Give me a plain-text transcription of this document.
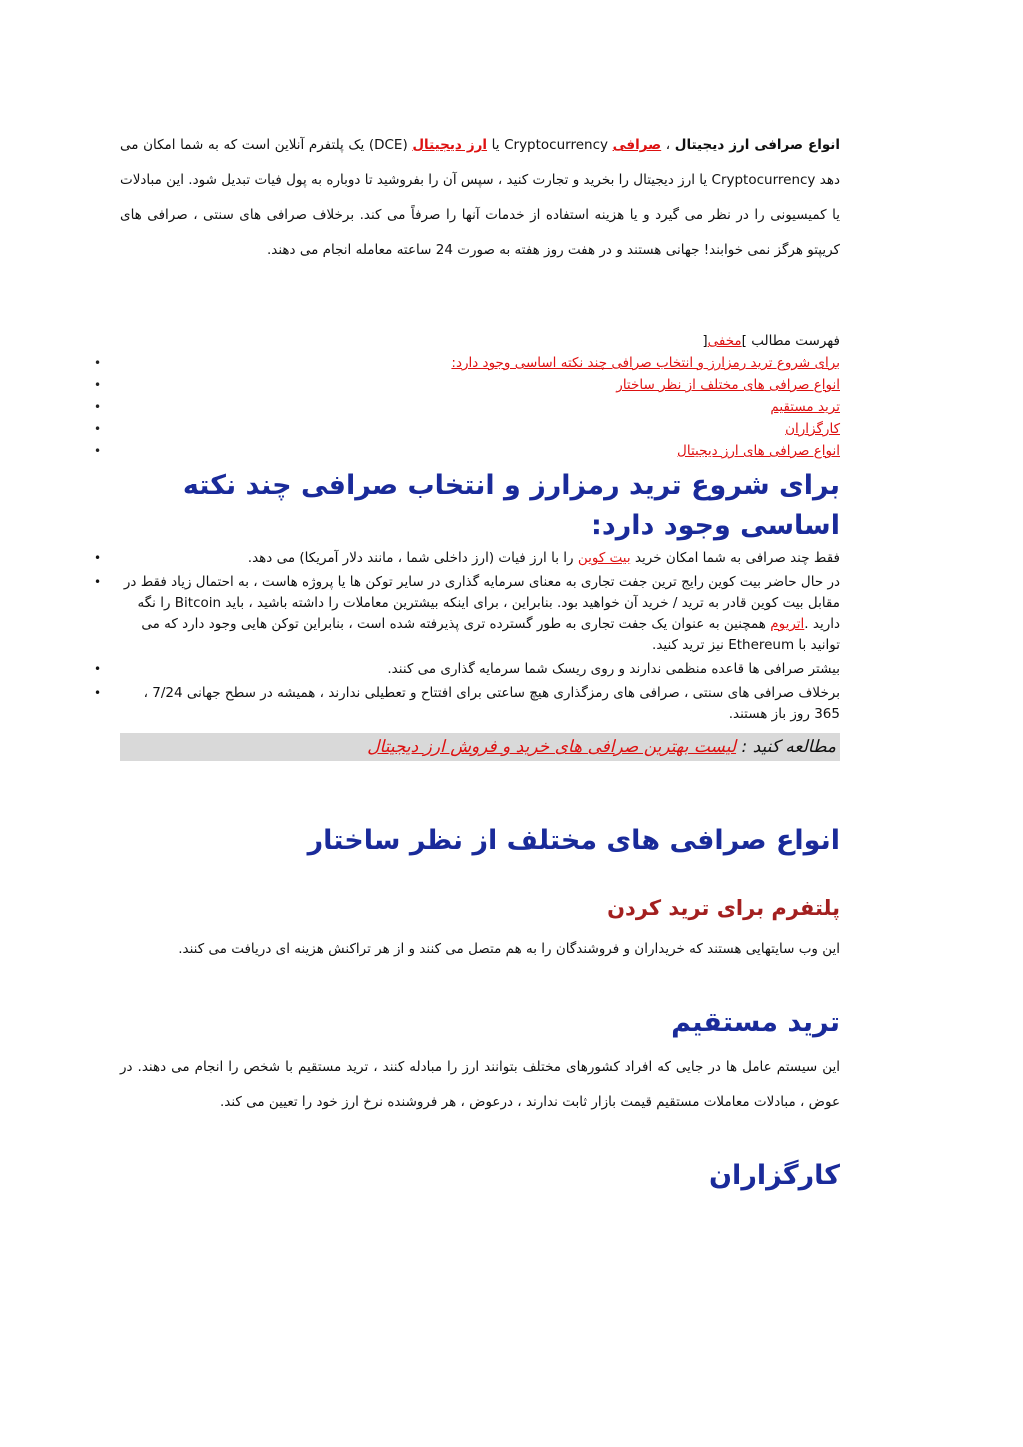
انواع صرافی ارز دیجیتال ، صرافی Cryptocurrency یا ارز دیجیتال (DCE) یک پلتفرم آنلاین است که به شما امکان می دهد Cryptocurrency یا ارز دیجیتال را بخرید و تجارت کنید ، سپس آن را بفروشید تا دوباره به پول فیات تبدیل شود. این مبادلات یا کمیسیونی را در نظر می گیرد و یا هزینه استفاده از خدمات آنها را صرفاً می کند. برخلاف صرافی های سنتی ، صرافی های کریپتو هرگز نمی خوابند! جهانی هستند و در هفت روز هفته به صورت 24 ساعته معامله انجام می دهند.

فهرست مطالب ]مخفی[
• برای شروع ترید رمزارز و انتخاب صرافی چند نکته اساسی وجود دارد:
• انواع صرافی های مختلف از نظر ساختار
• ترید مستقیم
• کارگزاران
• انواع صرافی های ارز دیجیتال
برای شروع ترید رمزارز و انتخاب صرافی چند نکته اساسی وجود دارد:
• فقط چند صرافی به شما امکان خرید بیت کوین را با ارز فیات (ارز داخلی شما ، مانند دلار آمریکا) می دهد.
• در حال حاضر بیت کوین رایج ترین جفت تجاری به معنای سرمایه گذاری در سایر توکن ها یا پروژه هاست ، به احتمال زیاد فقط در مقابل بیت کوین قادر به ترید / خرید آن خواهید بود. بنابراین ، برای اینکه بیشترین معاملات را داشته باشید ، باید Bitcoin را نگه دارید .اتریوم همچنین به عنوان یک جفت تجاری به طور گسترده تری پذیرفته شده است ، بنابراین توکن هایی وجود دارد که می توانید با Ethereum نیز ترید کنید.
• بیشتر صرافی ها قاعده منظمی ندارند و روی ریسک شما سرمایه گذاری می کنند.
• برخلاف صرافی های سنتی ، صرافی های رمزگذاری هیچ ساعتی برای افتتاح و تعطیلی ندارند ، همیشه در سطح جهانی 7/24 ، 365 روز باز هستند.
مطالعه کنید : لیست بهترین صرافی های خرید و فروش ارز دیجیتال
انواع صرافی های مختلف از نظر ساختار
پلتفرم برای ترید کردن

این وب سایتهایی هستند که خریداران و فروشندگان را به هم متصل می کنند و از هر تراکنش هزینه ای دریافت می کنند.

ترید مستقیم

این سیستم عامل ها در جایی که افراد کشورهای مختلف بتوانند ارز را مبادله کنند ، ترید مستقیم با شخص را انجام می دهند. در عوض ، مبادلات معاملات مستقیم قیمت بازار ثابت ندارند ، درعوض ، هر فروشنده نرخ ارز خود را تعیین می کند.

کارگزاران
